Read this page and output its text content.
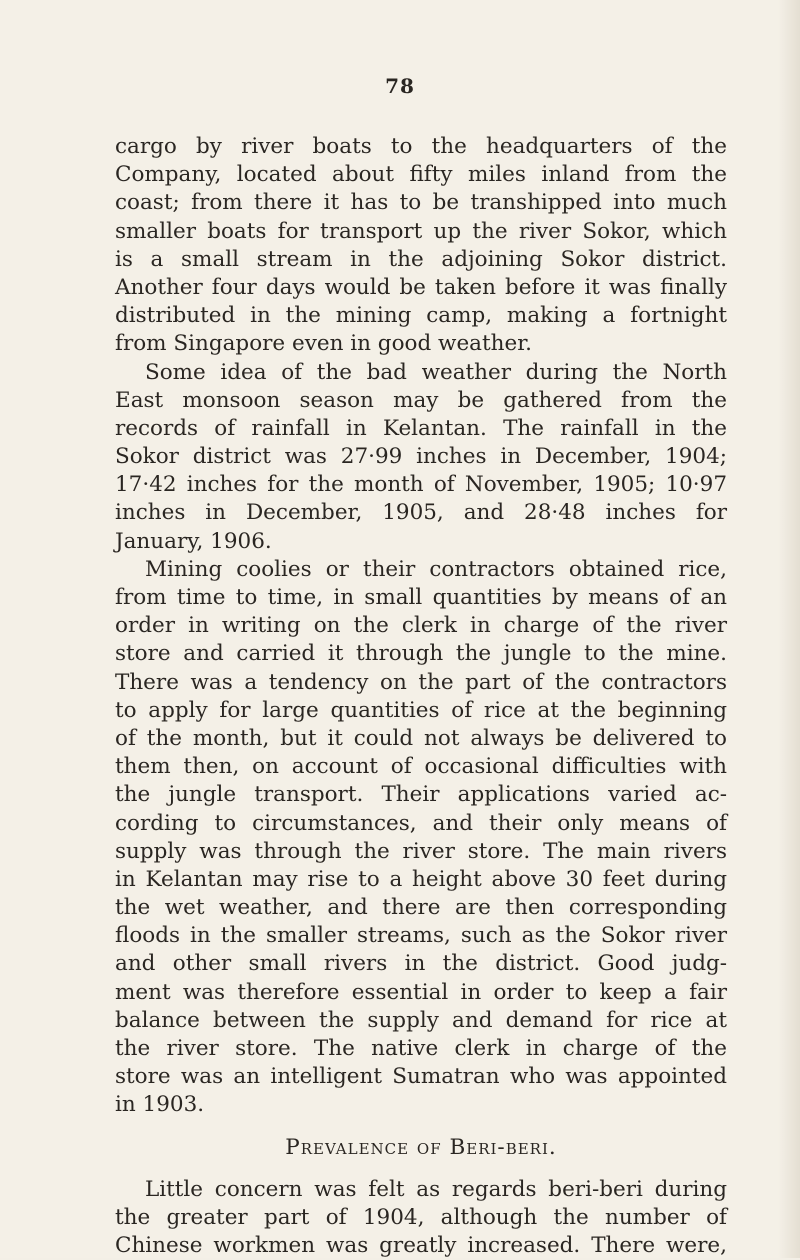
78
cargo by river boats to the headquarters of the
Company, located about fifty miles inland from the
coast; from there it has to be transhipped into much
smaller boats for transport up the river Sokor, which
is a small stream in the adjoining Sokor district.
Another four days would be taken before it was finally
distributed in the mining camp, making a fortnight
from Singapore even in good weather.
Some idea of the bad weather during the North
East monsoon season may be gathered from the
records of rainfall in Kelantan. The rainfall in the
Sokor district was 27·99 inches in December, 1904;
17·42 inches for the month of November, 1905; 10·97
inches in December, 1905, and 28·48 inches for
January, 1906.
Mining coolies or their contractors obtained rice,
from time to time, in small quantities by means of an
order in writing on the clerk in charge of the river
store and carried it through the jungle to the mine.
There was a tendency on the part of the contractors
to apply for large quantities of rice at the beginning
of the month, but it could not always be delivered to
them then, on account of occasional difficulties with
the jungle transport. Their applications varied ac-
cording to circumstances, and their only means of
supply was through the river store. The main rivers
in Kelantan may rise to a height above 30 feet during
the wet weather, and there are then corresponding
floods in the smaller streams, such as the Sokor river
and other small rivers in the district. Good judg-
ment was therefore essential in order to keep a fair
balance between the supply and demand for rice at
the river store. The native clerk in charge of the
store was an intelligent Sumatran who was appointed
in 1903.
Prevalence of Beri-beri.
Little concern was felt as regards beri-beri during
the greater part of 1904, although the number of
Chinese workmen was greatly increased. There were,
